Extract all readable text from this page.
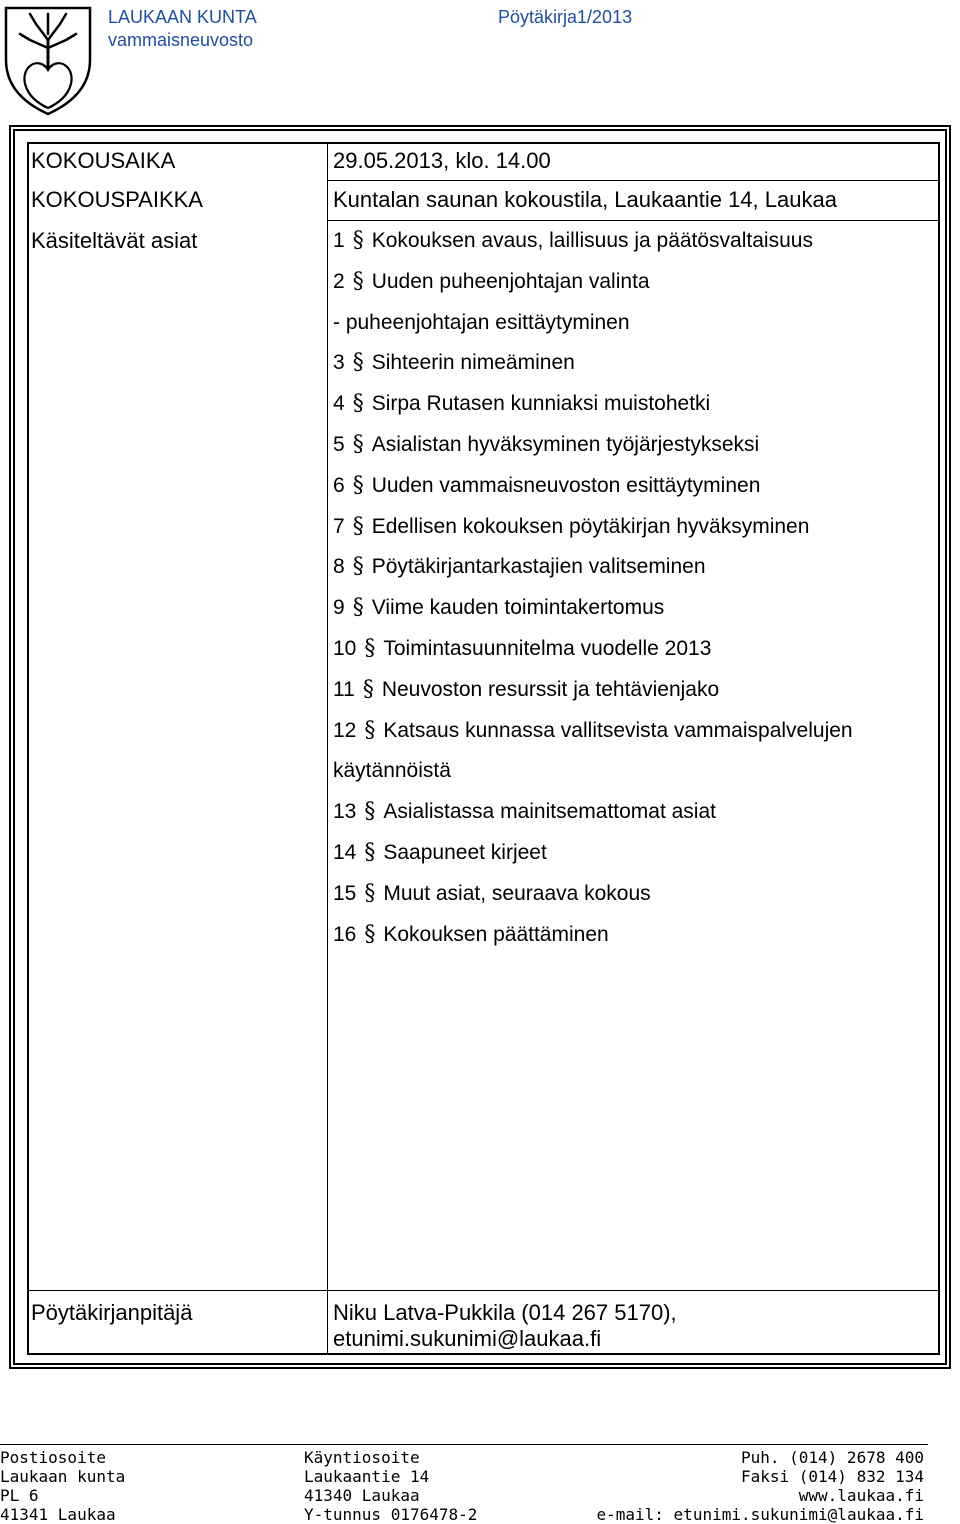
LAUKAAN KUNTA
vammaisneuvosto
Pöytäkirja1/2013
KOKOUSAIKA	29.05.2013, klo. 14.00
KOKOUSPAIKKA	Kuntalan saunan kokoustila, Laukaantie 14, Laukaa
Käsiteltävät asiat	1 § Kokouksen avaus, laillisuus ja päätösvaltaisuus
2 § Uuden puheenjohtajan valinta
- puheenjohtajan esittäytyminen
3 § Sihteerin nimeäminen
4 § Sirpa Rutasen kunniaksi muistohetki
5 § Asialistan hyväksyminen työjärjestykseksi
6 § Uuden vammaisneuvoston esittäytyminen
7 § Edellisen kokouksen pöytäkirjan hyväksyminen
8 § Pöytäkirjantarkastajien valitseminen
9 § Viime kauden toimintakertomus
10 § Toimintasuunnitelma vuodelle 2013
11 § Neuvoston resurssit ja tehtävienjako
12 § Katsaus kunnassa vallitsevista vammaispalvelujen
käytännöistä
13 § Asialistassa mainitsemattomat asiat
14 § Saapuneet kirjeet
15 § Muut asiat, seuraava kokous
16 § Kokouksen päättäminen
Pöytäkirjanpitäjä	Niku Latva-Pukkila (014 267 5170),
etunimi.sukunimi@laukaa.fi
Postiosoite
Laukaan kunta
PL 6
41341 Laukaa
Käyntiosoite
Laukaantie 14
41340 Laukaa
Y-tunnus 0176478-2
Puh. (014) 2678 400
Faksi (014) 832 134
www.laukaa.fi
e-mail: etunimi.sukunimi@laukaa.fi
